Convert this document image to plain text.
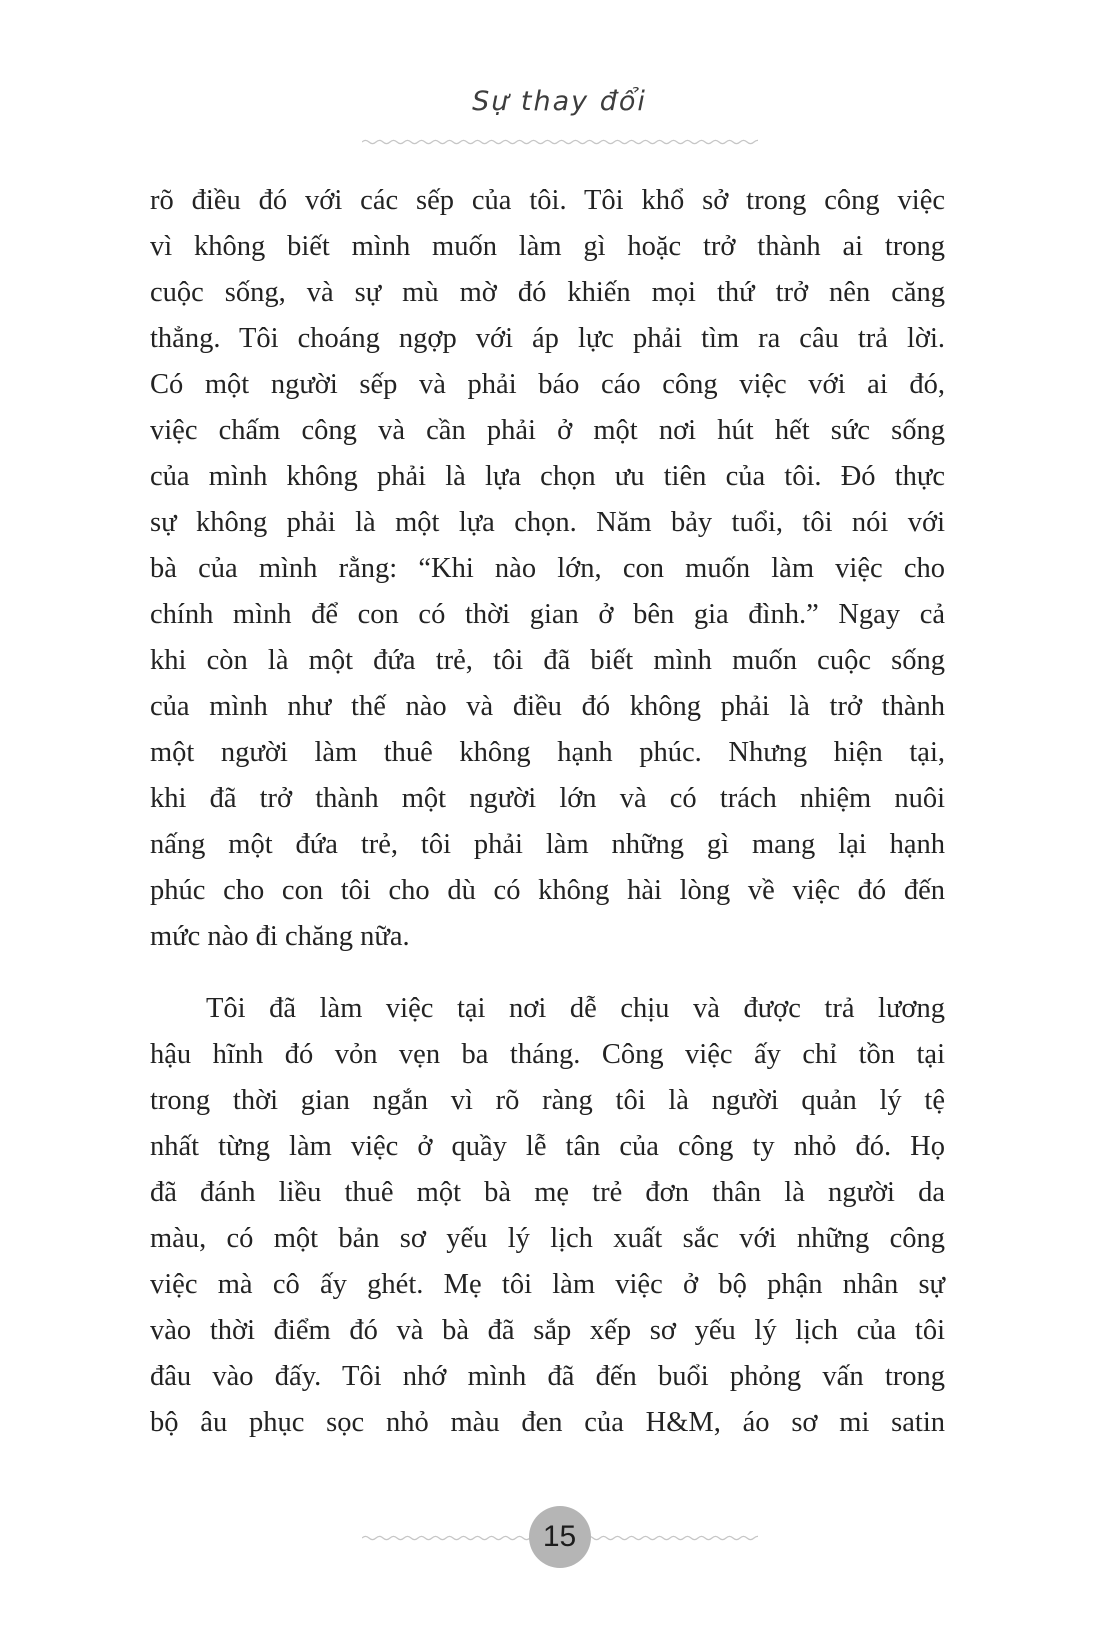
Sự thay đổi
rõ điều đó với các sếp của tôi. Tôi khổ sở trong công việc
vì không biết mình muốn làm gì hoặc trở thành ai trong
cuộc sống, và sự mù mờ đó khiến mọi thứ trở nên căng
thẳng. Tôi choáng ngợp với áp lực phải tìm ra câu trả lời.
Có một người sếp và phải báo cáo công việc với ai đó,
việc chấm công và cần phải ở một nơi hút hết sức sống
của mình không phải là lựa chọn ưu tiên của tôi. Đó thực
sự không phải là một lựa chọn. Năm bảy tuổi, tôi nói với
bà của mình rằng: “Khi nào lớn, con muốn làm việc cho
chính mình để con có thời gian ở bên gia đình.” Ngay cả
khi còn là một đứa trẻ, tôi đã biết mình muốn cuộc sống
của mình như thế nào và điều đó không phải là trở thành
một người làm thuê không hạnh phúc. Nhưng hiện tại,
khi đã trở thành một người lớn và có trách nhiệm nuôi
nấng một đứa trẻ, tôi phải làm những gì mang lại hạnh
phúc cho con tôi cho dù có không hài lòng về việc đó đến
mức nào đi chăng nữa.
Tôi đã làm việc tại nơi dễ chịu và được trả lương
hậu hĩnh đó vỏn vẹn ba tháng. Công việc ấy chỉ tồn tại
trong thời gian ngắn vì rõ ràng tôi là người quản lý tệ
nhất từng làm việc ở quầy lễ tân của công ty nhỏ đó. Họ
đã đánh liều thuê một bà mẹ trẻ đơn thân là người da
màu, có một bản sơ yếu lý lịch xuất sắc với những công
việc mà cô ấy ghét. Mẹ tôi làm việc ở bộ phận nhân sự
vào thời điểm đó và bà đã sắp xếp sơ yếu lý lịch của tôi
đâu vào đấy. Tôi nhớ mình đã đến buổi phỏng vấn trong
bộ âu phục sọc nhỏ màu đen của H&M, áo sơ mi satin
15
